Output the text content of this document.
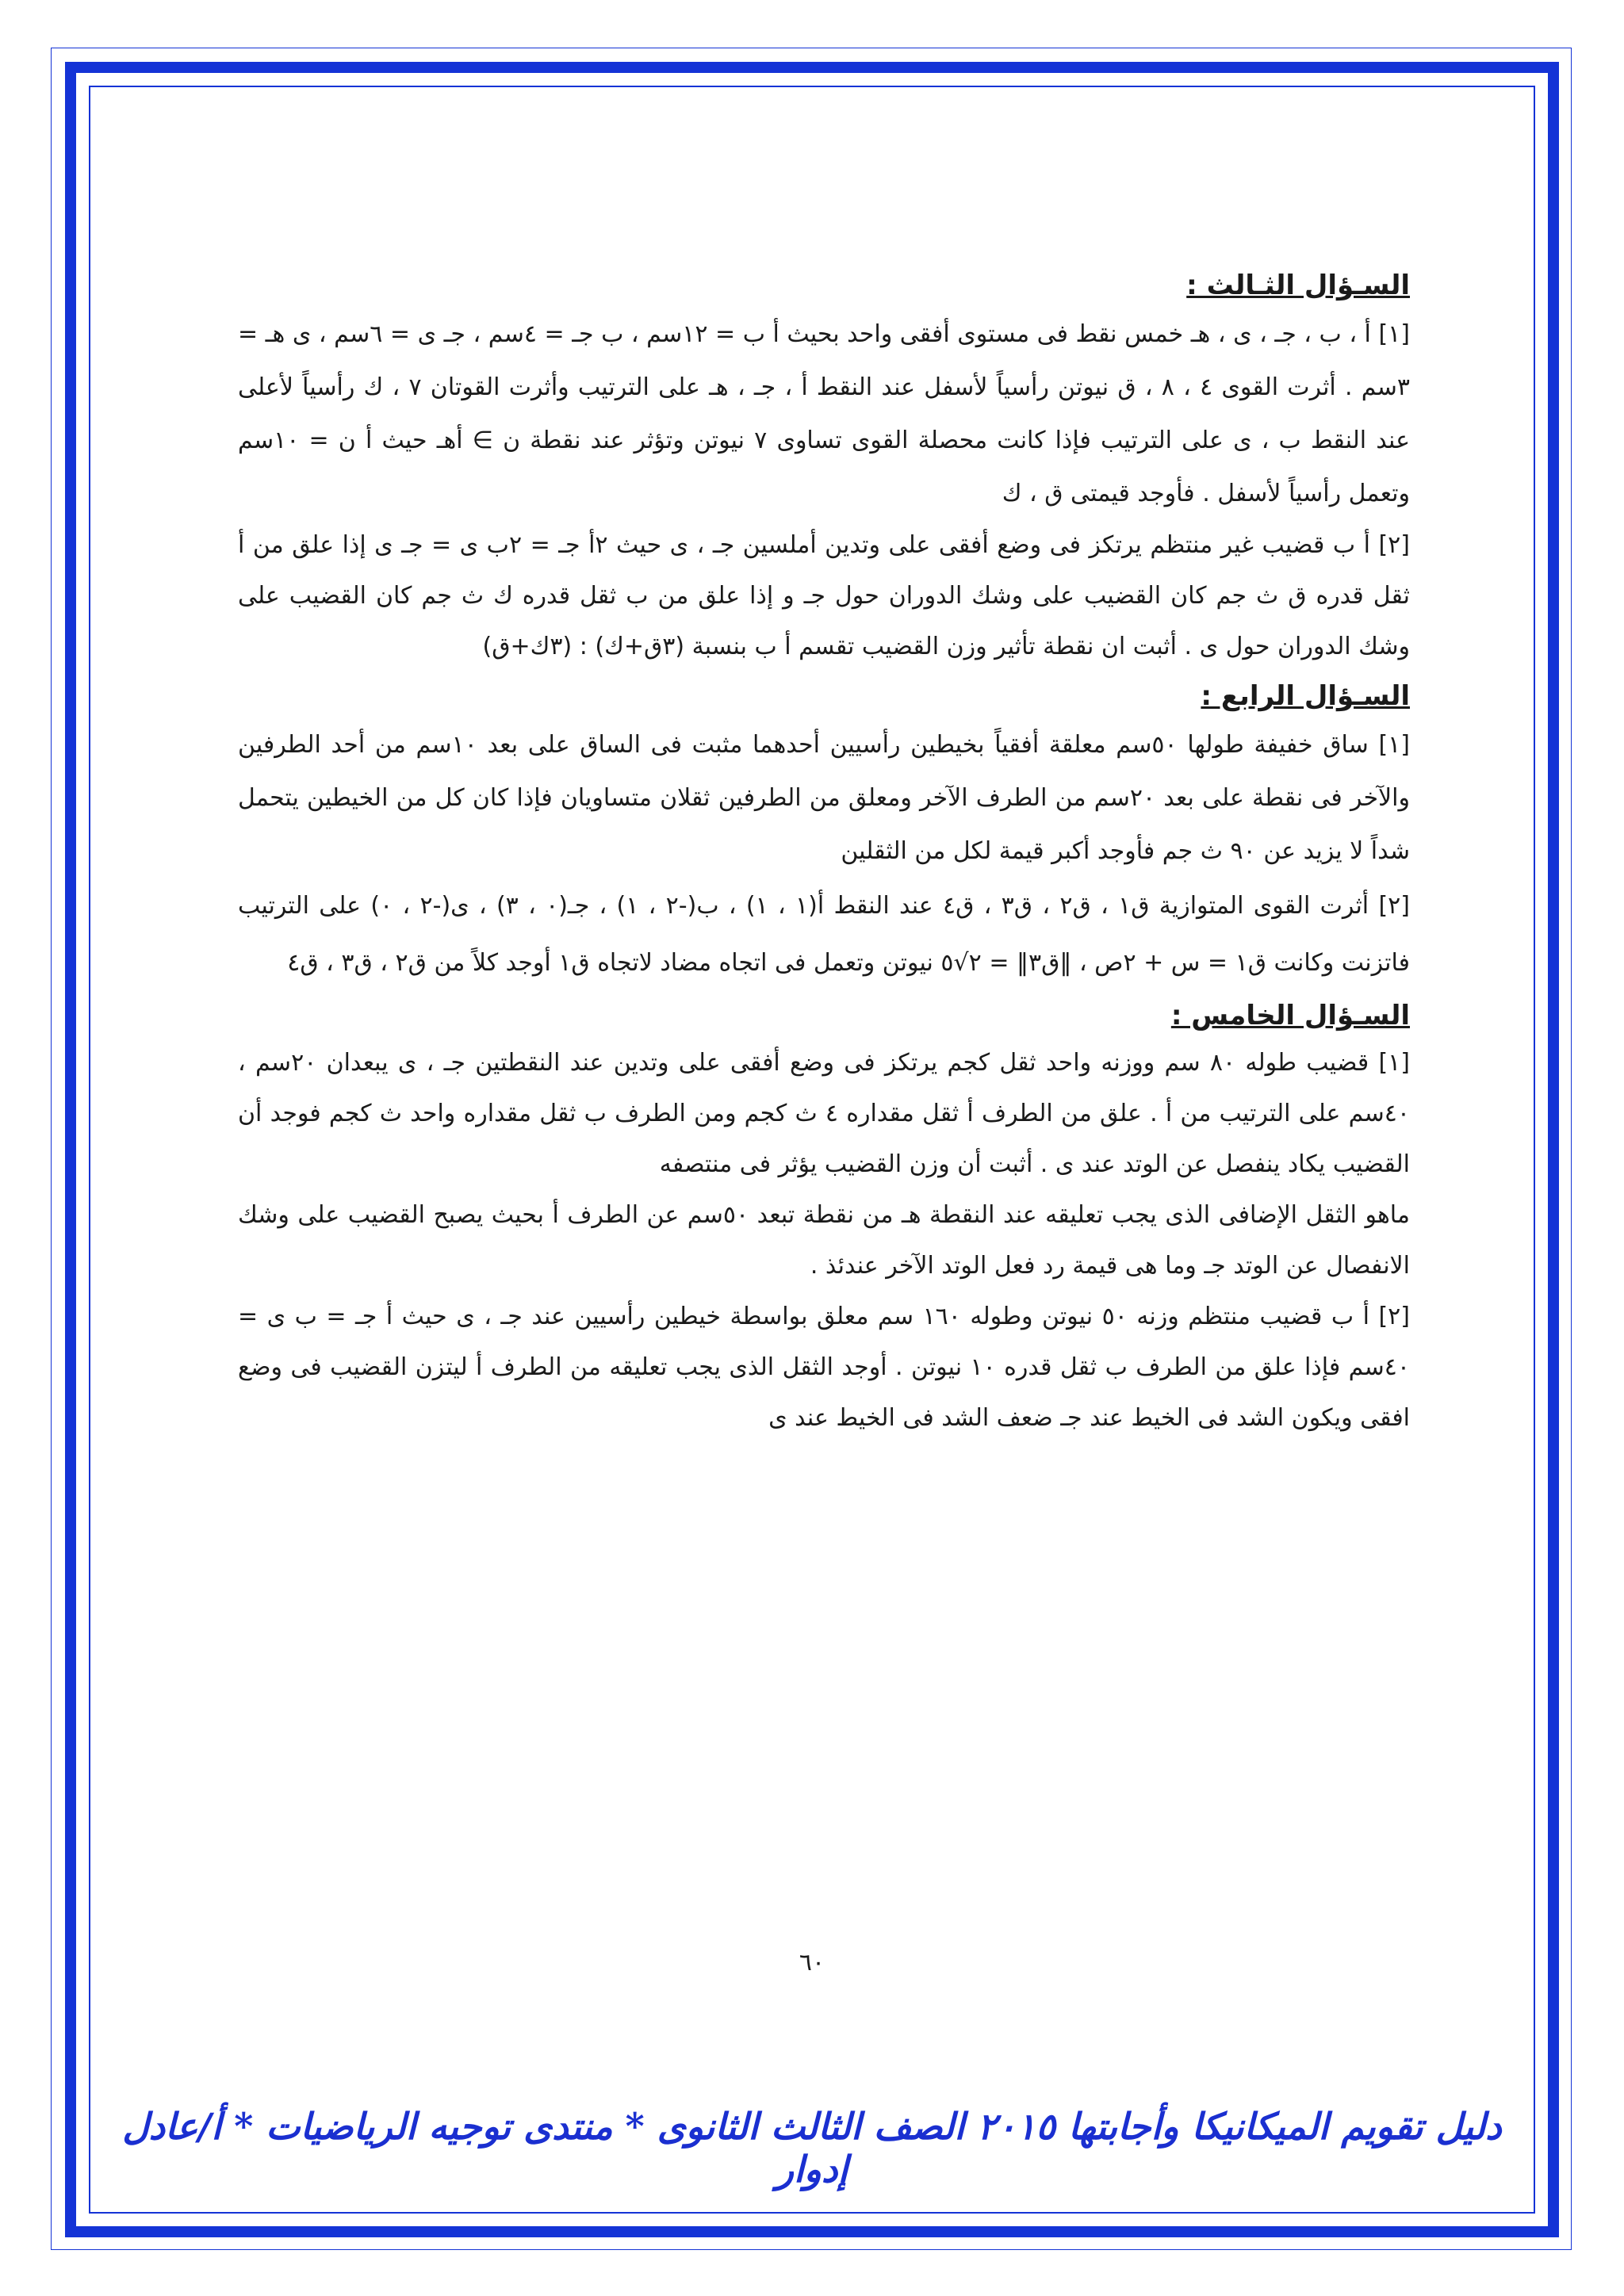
السـؤال الثـالث :

[١] أ ، ب ، جـ ، ى ، هـ خمس نقط فى مستوى أفقى واحد بحيث أ ب = ١٢سم ، ب جـ = ٤سم ، جـ ى = ٦سم ، ى هـ = ٣سم . أثرت القوى ٤ ، ٨ ، ق نيوتن رأسياً لأسفل عند النقط أ ، جـ ، هـ على الترتيب وأثرت القوتان ٧ ، ك رأسياً لأعلى عند النقط ب ، ى على الترتيب فإذا كانت محصلة القوى تساوى ٧ نيوتن وتؤثر عند نقطة ن ∋ أهـ حيث أ ن = ١٠سم وتعمل رأسياً لأسفل . فأوجد قيمتى ق ، ك

[٢] أ ب قضيب غير منتظم يرتكز فى وضع أفقى على وتدين أملسين جـ ، ى حيث ٢أ جـ = ٢ب ى = جـ ى إذا علق من أ ثقل قدره ق ث جم كان القضيب على وشك الدوران حول جـ و إذا علق من ب ثقل قدره ك ث جم كان القضيب على وشك الدوران حول ى . أثبت ان نقطة تأثير وزن القضيب تقسم أ ب بنسبة (٣ق+ك) : (٣ك+ق)

السـؤال الرابع :

[١] ساق خفيفة طولها ٥٠سم معلقة أفقياً بخيطين رأسيين أحدهما مثبت فى الساق على بعد ١٠سم من أحد الطرفين والآخر فى نقطة على بعد ٢٠سم من الطرف الآخر ومعلق من الطرفين ثقلان متساويان فإذا كان كل من الخيطين يتحمل شداً لا يزيد عن ٩٠ ث جم فأوجد أكبر قيمة لكل من الثقلين

[٢] أثرت القوى المتوازية ق١ ، ق٢ ، ق٣ ، ق٤ عند النقط أ(١ ، ١) ، ب(-٢ ، ١) ، جـ(٠ ، ٣) ، ى(-٢ ، ٠) على الترتيب فاتزنت وكانت ق١ = س + ٢ص ، ‖ق٣‖ = ٢√٥ نيوتن وتعمل فى اتجاه مضاد لاتجاه ق١ أوجد كلاً من ق٢ ، ق٣ ، ق٤

السـؤال الخامس :

[١] قضيب طوله ٨٠ سم ووزنه واحد ثقل كجم يرتكز فى وضع أفقى على وتدين عند النقطتين جـ ، ى يبعدان ٢٠سم ، ٤٠سم على الترتيب من أ . علق من الطرف أ ثقل مقداره ٤ ث كجم ومن الطرف ب ثقل مقداره واحد ث كجم فوجد أن القضيب يكاد ينفصل عن الوتد عند ى . أثبت أن وزن القضيب يؤثر فى منتصفه

ماهو الثقل الإضافى الذى يجب تعليقه عند النقطة هـ من نقطة تبعد ٥٠سم عن الطرف أ بحيث يصبح القضيب على وشك الانفصال عن الوتد جـ وما هى قيمة رد فعل الوتد الآخر عندئذ .

[٢] أ ب قضيب منتظم وزنه ٥٠ نيوتن وطوله ١٦٠ سم معلق بواسطة خيطين رأسيين عند جـ ، ى حيث أ جـ = ب ى = ٤٠سم فإذا علق من الطرف ب ثقل قدره ١٠ نيوتن . أوجد الثقل الذى يجب تعليقه من الطرف أ ليتزن القضيب فى وضع افقى ويكون الشد فى الخيط عند جـ ضعف الشد فى الخيط عند ى

٦٠
دليل تقويم الميكانيكا وأجابتها ٢٠١٥ الصف الثالث الثانوى * منتدى توجيه الرياضيات * أ/عادل إدوار
